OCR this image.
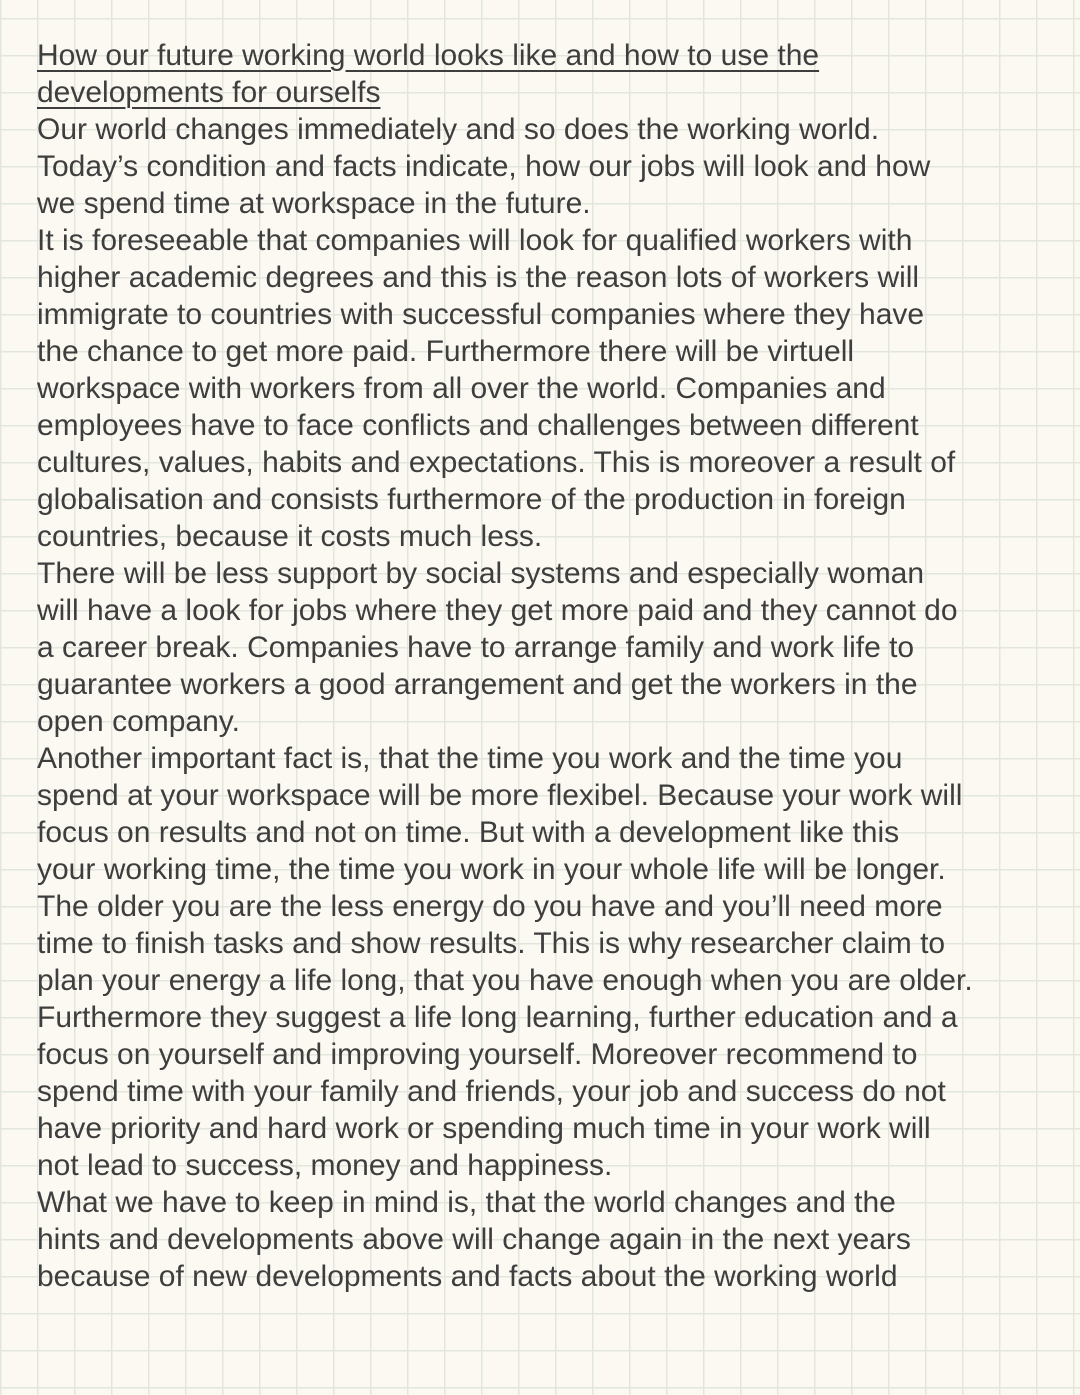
How our future working world looks like and how to use the
developments for ourselfs

Our world changes immediately and so does the working world.
Today’s condition and facts indicate, how our jobs will look and how
we spend time at workspace in the future.

It is foreseeable that companies will look for qualified workers with
higher academic degrees and this is the reason lots of workers will
immigrate to countries with successful companies where they have
the chance to get more paid. Furthermore there will be virtuell
workspace with workers from all over the world. Companies and
employees have to face conflicts and challenges between different
cultures, values, habits and expectations. This is moreover a result of
globalisation and consists furthermore of the production in foreign
countries, because it costs much less.

There will be less support by social systems and especially woman
will have a look for jobs where they get more paid and they cannot do
a career break. Companies have to arrange family and work life to
guarantee workers a good arrangement and get the workers in the
open company.

Another important fact is, that the time you work and the time you
spend at your workspace will be more flexibel. Because your work will
focus on results and not on time. But with a development like this
your working time, the time you work in your whole life will be longer.
The older you are the less energy do you have and you’ll need more
time to finish tasks and show results. This is why researcher claim to
plan your energy a life long, that you have enough when you are older.
Furthermore they suggest a life long learning, further education and a
focus on yourself and improving yourself. Moreover recommend to
spend time with your family and friends, your job and success do not
have priority and hard work or spending much time in your work will
not lead to success, money and happiness.

What we have to keep in mind is, that the world changes and the
hints and developments above will change again in the next years
because of new developments and facts about the working world
